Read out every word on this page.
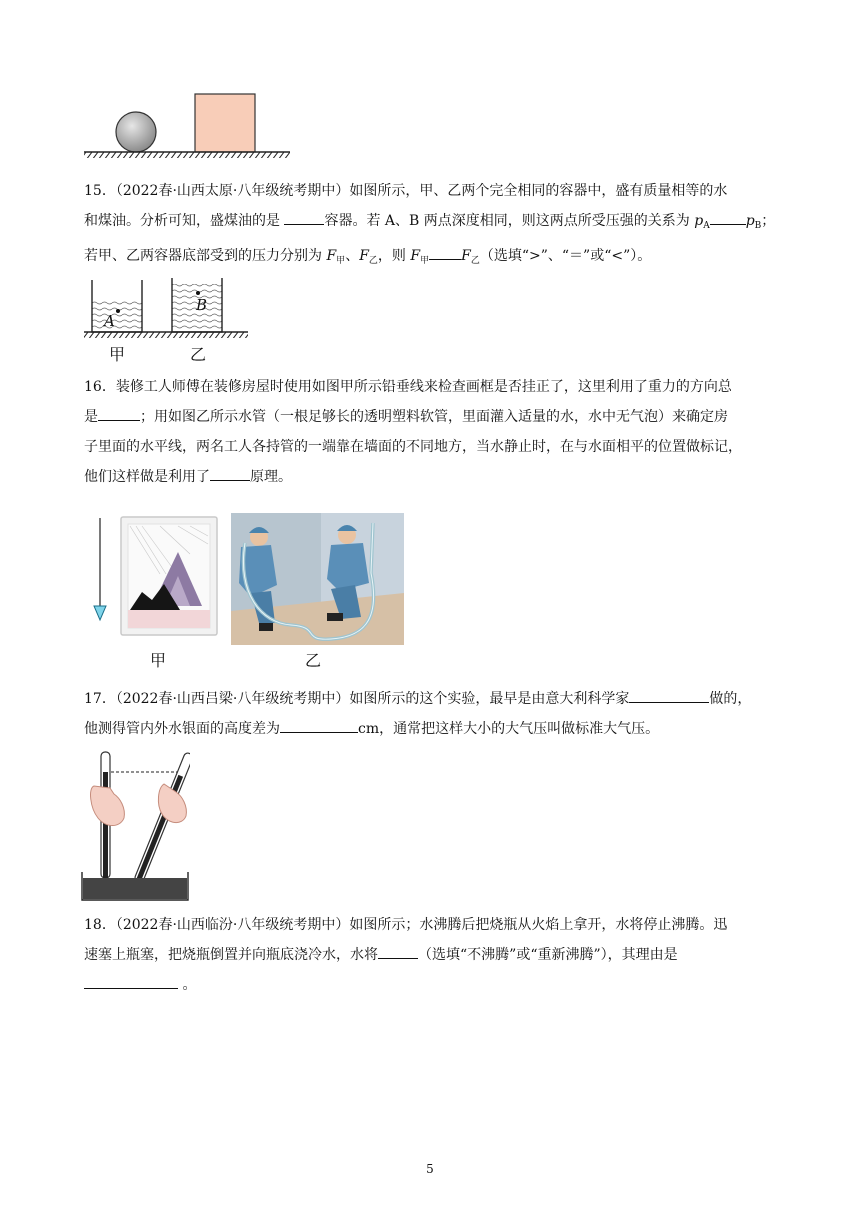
15．（2022春·山西太原·八年级统考期中）如图所示，甲、乙两个完全相同的容器中，盛有质量相等的水

和煤油。分析可知，盛煤油的是	容器。若 A、B 两点深度相同，则这两点所受压强的关系为 $p_A$	$p_B$；

若甲、乙两容器底部受到的压力分别为 $F_甲$、$F_乙$，则 $F_甲$ $F_乙$（选填“>”、“＝”或“<”）。

A
B
甲	乙

16．装修工人师傅在装修房屋时使用如图甲所示铅垂线来检查画框是否挂正了，这里利用了重力的方向总

是	；用如图乙所示水管（一根足够长的透明塑料软管，里面灌入适量的水，水中无气泡）来确定房

子里面的水平线，两名工人各持管的一端靠在墙面的不同地方，当水静止时，在与水面相平的位置做标记，

他们这样做是利用了	原理。

甲	乙

17．（2022春·山西吕梁·八年级统考期中）如图所示的这个实验，最早是由意大利科学家	做的，

他测得管内外水银面的高度差为	cm，通常把这样大小的大气压叫做标准大气压。

18．（2022春·山西临汾·八年级统考期中）如图所示；水沸腾后把烧瓶从火焰上拿开，水将停止沸腾。迅

速塞上瓶塞，把烧瓶倒置并向瓶底浇冷水，水将	（选填“不沸腾”或“重新沸腾”），其理由是

。

5
